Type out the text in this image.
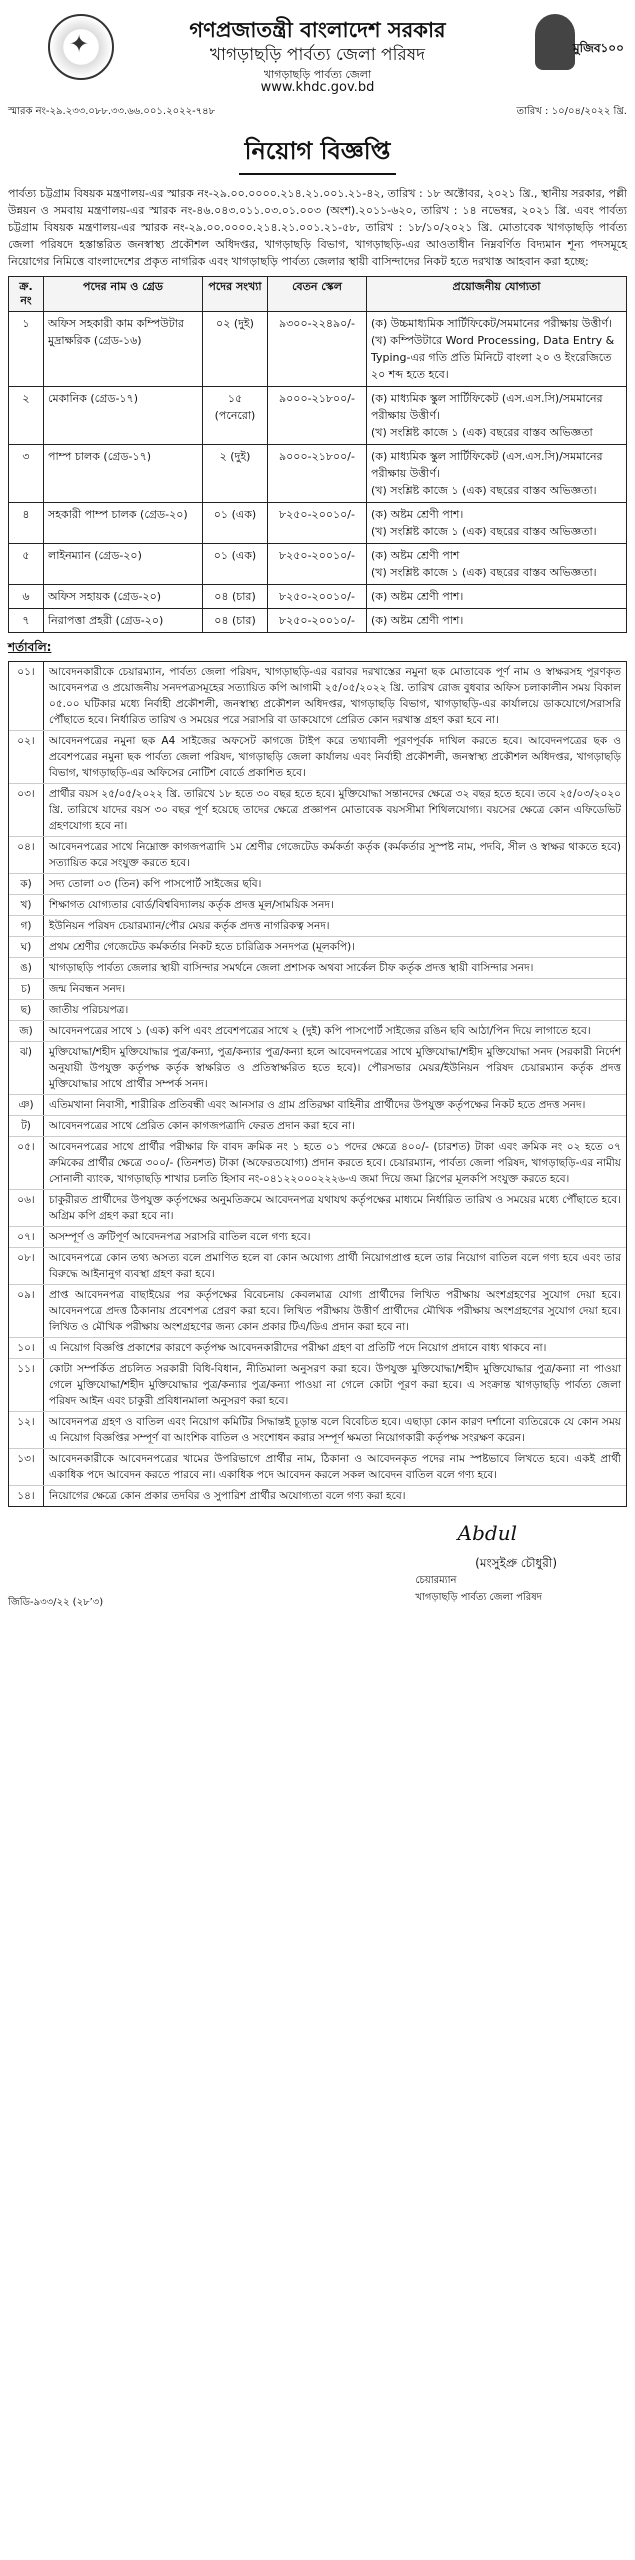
✦
গণপ্রজাতন্ত্রী বাংলাদেশ সরকার
খাগড়াছড়ি পার্বত্য জেলা পরিষদ
খাগড়াছড়ি পার্বত্য জেলা
www.khdc.gov.bd
মুজিব১০০
স্মারক নং-২৯.২৩৩.০৮৮.৩৩.৬৬.০০১.২০২২-৭৪৮	তারিখ : ১০/০৪/২০২২ খ্রি.
নিয়োগ বিজ্ঞপ্তি
পার্বত্য চট্টগ্রাম বিষয়ক মন্ত্রণালয়-এর স্মারক নং-২৯.০০.০০০০.২১৪.২১.০০১.২১-৪২, তারিখ : ১৮ অক্টোবর, ২০২১ খ্রি., স্থানীয় সরকার, পল্লী উন্নয়ন ও সমবায় মন্ত্রণালয়-এর স্মারক নং-৪৬.০৪৩.০১১.০৩.০১.০০৩ (অংশ).২০১১-৬২০, তারিখ : ১৪ নভেম্বর, ২০২১ খ্রি. এবং পার্বত্য চট্টগ্রাম বিষয়ক মন্ত্রণালয়-এর স্মারক নং-২৯.০০.০০০০.২১৪.২১.০০১.২১-৫৮, তারিখ : ১৮/১০/২০২১ খ্রি. মোতাবেক খাগড়াছড়ি পার্বত্য জেলা পরিষদে হস্তান্তরিত জনস্বাস্থ্য প্রকৌশল অধিদপ্তর, খাগড়াছড়ি বিভাগ, খাগড়াছড়ি-এর আওতাধীন নিম্নবর্ণিত বিদ্যমান শূন্য পদসমূহে নিয়োগের নিমিত্তে বাংলাদেশের প্রকৃত নাগরিক এবং খাগড়াছড়ি পার্বত্য জেলার স্থায়ী বাসিন্দাদের নিকট হতে দরখাস্ত আহবান করা হচ্ছে:
ক্র. নং	পদের নাম ও গ্রেড	পদের সংখ্যা	বেতন স্কেল	প্রয়োজনীয় যোগ্যতা
১	অফিস সহকারী কাম কম্পিউটার মুদ্রাক্ষরিক (গ্রেড-১৬)	০২ (দুই)	৯৩০০-২২৪৯০/-	(ক) উচ্চমাধ্যমিক সার্টিফিকেট/সমমানের পরীক্ষায় উত্তীর্ণ।
(খ) কম্পিউটারে Word Processing, Data Entry & Typing-এর গতি প্রতি মিনিটে বাংলা ২০ ও ইংরেজিতে ২০ শব্দ হতে হবে।

২	মেকানিক (গ্রেড-১৭)	১৫ (পনেরো)	৯০০০-২১৮০০/-	(ক) মাধ্যমিক স্কুল সার্টিফিকেট (এস.এস.সি)/সমমানের পরীক্ষায় উত্তীর্ণ।
(খ) সংশ্লিষ্ট কাজে ১ (এক) বছরের বাস্তব অভিজ্ঞতা

৩	পাম্প চালক (গ্রেড-১৭)	২ (দুই)	৯০০০-২১৮০০/-	(ক) মাধ্যমিক স্কুল সার্টিফিকেট (এস.এস.সি)/সমমানের পরীক্ষায় উত্তীর্ণ।
(খ) সংশ্লিষ্ট কাজে ১ (এক) বছরের বাস্তব অভিজ্ঞতা।

৪	সহকারী পাম্প চালক (গ্রেড-২০)	০১ (এক)	৮২৫০-২০০১০/-	(ক) অষ্টম শ্রেণী পাশ।
(খ) সংশ্লিষ্ট কাজে ১ (এক) বছরের বাস্তব অভিজ্ঞতা।

৫	লাইনম্যান (গ্রেড-২০)	০১ (এক)	৮২৫০-২০০১০/-	(ক) অষ্টম শ্রেণী পাশ
(খ) সংশ্লিষ্ট কাজে ১ (এক) বছরের বাস্তব অভিজ্ঞতা।

৬	অফিস সহায়ক (গ্রেড-২০)	০৪ (চার)	৮২৫০-২০০১০/-	(ক) অষ্টম শ্রেণী পাশ।

৭	নিরাপত্তা প্রহরী (গ্রেড-২০)	০৪ (চার)	৮২৫০-২০০১০/-	(ক) অষ্টম শ্রেণী পাশ।
শর্তাবলি:
০১।	আবেদনকারীকে চেয়ারম্যান, পার্বত্য জেলা পরিষদ, খাগড়াছড়ি-এর বরাবর দরখাস্তের নমুনা ছক মোতাবেক পূর্ণ নাম ও স্বাক্ষরসহ পূরণকৃত আবেদনপত্র ও প্রয়োজনীয় সনদপত্রসমূহের সত্যায়িত কপি আগামী ২৫/০৫/২০২২ খ্রি. তারিখ রোজ বুধবার অফিস চলাকালীন সময় বিকাল ০৫.০০ ঘটিকার মধ্যে নির্বাহী প্রকৌশলী, জনস্বাস্থ্য প্রকৌশল অধিদপ্তর, খাগড়াছড়ি বিভাগ, খাগড়াছড়ি-এর কার্যালয়ে ডাকযোগে/সরাসরি পৌঁছাতে হবে। নির্ধারিত তারিখ ও সময়ের পরে সরাসরি বা ডাকযোগে প্রেরিত কোন দরখাস্ত গ্রহণ করা হবে না।
০২।	আবেদনপত্রের নমুনা ছক A4 সাইজের অফসেট কাগজে টাইপ করে তথ্যাবলী পূরণপূর্বক দাখিল করতে হবে। আবেদনপত্রের ছক ও প্রবেশপত্রের নমুনা ছক পার্বত্য জেলা পরিষদ, খাগড়াছড়ি জেলা কার্যালয় এবং নির্বাহী প্রকৌশলী, জনস্বাস্থ্য প্রকৌশল অধিদপ্তর, খাগড়াছড়ি বিভাগ, খাগড়াছড়ি-এর অফিসের নোটিশ বোর্ডে প্রকাশিত হবে।
০৩।	প্রার্থীর বয়স ২৫/০৫/২০২২ খ্রি. তারিখে ১৮ হতে ৩০ বছর হতে হবে। মুক্তিযোদ্ধা সন্তানদের ক্ষেত্রে ৩২ বছর হতে হবে। তবে ২৫/০৩/২০২০ খ্রি. তারিখে যাদের বয়স ৩০ বছর পূর্ণ হয়েছে তাদের ক্ষেত্রে প্রজ্ঞাপন মোতাবেক বয়সসীমা শিথিলযোগ্য। বয়সের ক্ষেত্রে কোন এফিডেভিট গ্রহণযোগ্য হবে না।
০৪।	আবেদনপত্রের সাথে নিম্নোক্ত কাগজপত্রাদি ১ম শ্রেণীর গেজেটেড কর্মকর্তা কর্তৃক (কর্মকর্তার সুস্পষ্ট নাম, পদবি, সীল ও স্বাক্ষর থাকতে হবে) সত্যায়িত করে সংযুক্ত করতে হবে।
ক)	সদ্য তোলা ০৩ (তিন) কপি পাসপোর্ট সাইজের ছবি।
খ)	শিক্ষাগত যোগ্যতার বোর্ড/বিশ্ববিদ্যালয় কর্তৃক প্রদত্ত মূল/সাময়িক সনদ।
গ)	ইউনিয়ন পরিষদ চেয়ারম্যান/পৌর মেয়র কর্তৃক প্রদত্ত নাগরিকত্ব সনদ।
ঘ)	প্রথম শ্রেণীর গেজেটেড কর্মকর্তার নিকট হতে চারিত্রিক সনদপত্র (মূলকপি)।
ঙ)	খাগড়াছড়ি পার্বত্য জেলার স্থায়ী বাসিন্দার সমর্থনে জেলা প্রশাসক অথবা সার্কেল চীফ কর্তৃক প্রদত্ত স্থায়ী বাসিন্দার সনদ।
চ)	জন্ম নিবন্ধন সনদ।
ছ)	জাতীয় পরিচয়পত্র।
জ)	আবেদনপত্রের সাথে ১ (এক) কপি এবং প্রবেশপত্রের সাথে ২ (দুই) কপি পাসপোর্ট সাইজের রঙিন ছবি আঠা/পিন দিয়ে লাগাতে হবে।
ঝ)	মুক্তিযোদ্ধা/শহীদ মুক্তিযোদ্ধার পুত্র/কন্যা, পুত্র/কন্যার পুত্র/কন্যা হলে আবেদনপত্রের সাথে মুক্তিযোদ্ধা/শহীদ মুক্তিযোদ্ধা সনদ (সরকারী নির্দেশ অনুযায়ী উপযুক্ত কর্তৃপক্ষ কর্তৃক স্বাক্ষরিত ও প্রতিস্বাক্ষরিত হতে হবে)। পৌরসভার মেয়র/ইউনিয়ন পরিষদ চেয়ারম্যান কর্তৃক প্রদত্ত মুক্তিযোদ্ধার সাথে প্রার্থীর সম্পর্ক সনদ।
ঞ)	এতিমখানা নিবাসী, শারীরিক প্রতিবন্ধী এবং আনসার ও গ্রাম প্রতিরক্ষা বাহিনীর প্রার্থীদের উপযুক্ত কর্তৃপক্ষের নিকট হতে প্রদত্ত সনদ।
ট)	আবেদনপত্রের সাথে প্রেরিত কোন কাগজপত্রাদি ফেরত প্রদান করা হবে না।
০৫।	আবেদনপত্রের সাথে প্রার্থীর পরীক্ষার ফি বাবদ ক্রমিক নং ১ হতে ০১ পদের ক্ষেত্রে ৪০০/- (চারশত) টাকা এবং ক্রমিক নং ০২ হতে ০৭ ক্রমিকের প্রার্থীর ক্ষেত্রে ৩০০/- (তিনশত) টাকা (অফেরতযোগ্য) প্রদান করতে হবে। চেয়ারম্যান, পার্বত্য জেলা পরিষদ, খাগড়াছড়ি-এর নামীয় সোনালী ব্যাংক, খাগড়াছড়ি শাখার চলতি হিসাব নং-০৪১২২০০০২২২৬-এ জমা দিয়ে জমা স্লিপের মূলকপি সংযুক্ত করতে হবে।
০৬।	চাকুরীরত প্রার্থীদের উপযুক্ত কর্তৃপক্ষের অনুমতিক্রমে আবেদনপত্র যথাযথ কর্তৃপক্ষের মাধ্যমে নির্ধারিত তারিখ ও সময়ের মধ্যে পৌঁছাতে হবে। অগ্রিম কপি গ্রহণ করা হবে না।
০৭।	অসম্পূর্ণ ও ক্রটিপূর্ণ আবেদনপত্র সরাসরি বাতিল বলে গণ্য হবে।
০৮।	আবেদনপত্রে কোন তথ্য অসত্য বলে প্রমাণিত হলে বা কোন অযোগ্য প্রার্থী নিয়োগপ্রাপ্ত হলে তার নিয়োগ বাতিল বলে গণ্য হবে এবং তার বিরুদ্ধে আইনানুগ ব্যবস্থা গ্রহণ করা হবে।
০৯।	প্রাপ্ত আবেদনপত্র বাছাইয়ের পর কর্তৃপক্ষের বিবেচনায় কেবলমাত্র যোগ্য প্রার্থীদের লিখিত পরীক্ষায় অংশগ্রহণের সুযোগ দেয়া হবে। আবেদনপত্রে প্রদত্ত ঠিকানায় প্রবেশপত্র প্রেরণ করা হবে। লিখিত পরীক্ষায় উত্তীর্ণ প্রার্থীদের মৌখিক পরীক্ষায় অংশগ্রহণের সুযোগ দেয়া হবে। লিখিত ও মৌখিক পরীক্ষায় অংশগ্রহণের জন্য কোন প্রকার টিএ/ডিএ প্রদান করা হবে না।
১০।	এ নিয়োগ বিজ্ঞপ্তি প্রকাশের কারণে কর্তৃপক্ষ আবেদনকারীদের পরীক্ষা গ্রহণ বা প্রতিটি পদে নিয়োগ প্রদানে বাধ্য থাকবে না।
১১।	কোটা সম্পর্কিত প্রচলিত সরকারী বিধি-বিধান, নীতিমালা অনুসরণ করা হবে। উপযুক্ত মুক্তিযোদ্ধা/শহীদ মুক্তিযোদ্ধার পুত্র/কন্যা না পাওয়া গেলে মুক্তিযোদ্ধা/শহীদ মুক্তিযোদ্ধার পুত্র/কন্যার পুত্র/কন্যা পাওয়া না গেলে কোটা পূরণ করা হবে। এ সংক্রান্ত খাগড়াছড়ি পার্বত্য জেলা পরিষদ আইন এবং চাকুরী প্রবিধানমালা অনুসরণ করা হবে।
১২।	আবেদনপত্র গ্রহণ ও বাতিল এবং নিয়োগ কমিটির সিদ্ধান্তই চূড়ান্ত বলে বিবেচিত হবে। এছাড়া কোন কারণ দর্শানো ব্যতিরেকে যে কোন সময় এ নিয়োগ বিজ্ঞপ্তির সম্পূর্ণ বা আংশিক বাতিল ও সংশোধন করার সম্পূর্ণ ক্ষমতা নিয়োগকারী কর্তৃপক্ষ সংরক্ষণ করেন।
১৩।	আবেদনকারীকে আবেদনপত্রের খামের উপরিভাগে প্রার্থীর নাম, ঠিকানা ও আবেদনকৃত পদের নাম স্পষ্টভাবে লিখতে হবে। একই প্রার্থী একাধিক পদে আবেদন করতে পারবে না। একাধিক পদে আবেদন করলে সকল আবেদন বাতিল বলে গণ্য হবে।
১৪।	নিয়োগের ক্ষেত্রে কোন প্রকার তদবির ও সুপারিশ প্রার্থীর অযোগ্যতা বলে গণ্য করা হবে।
Abdul
(মংসুইপ্রু চৌধুরী)
চেয়ারম্যান
খাগড়াছড়ি পার্বত্য জেলা পরিষদ
জিডি-৯৩৩/২২ (২৮’৩)
